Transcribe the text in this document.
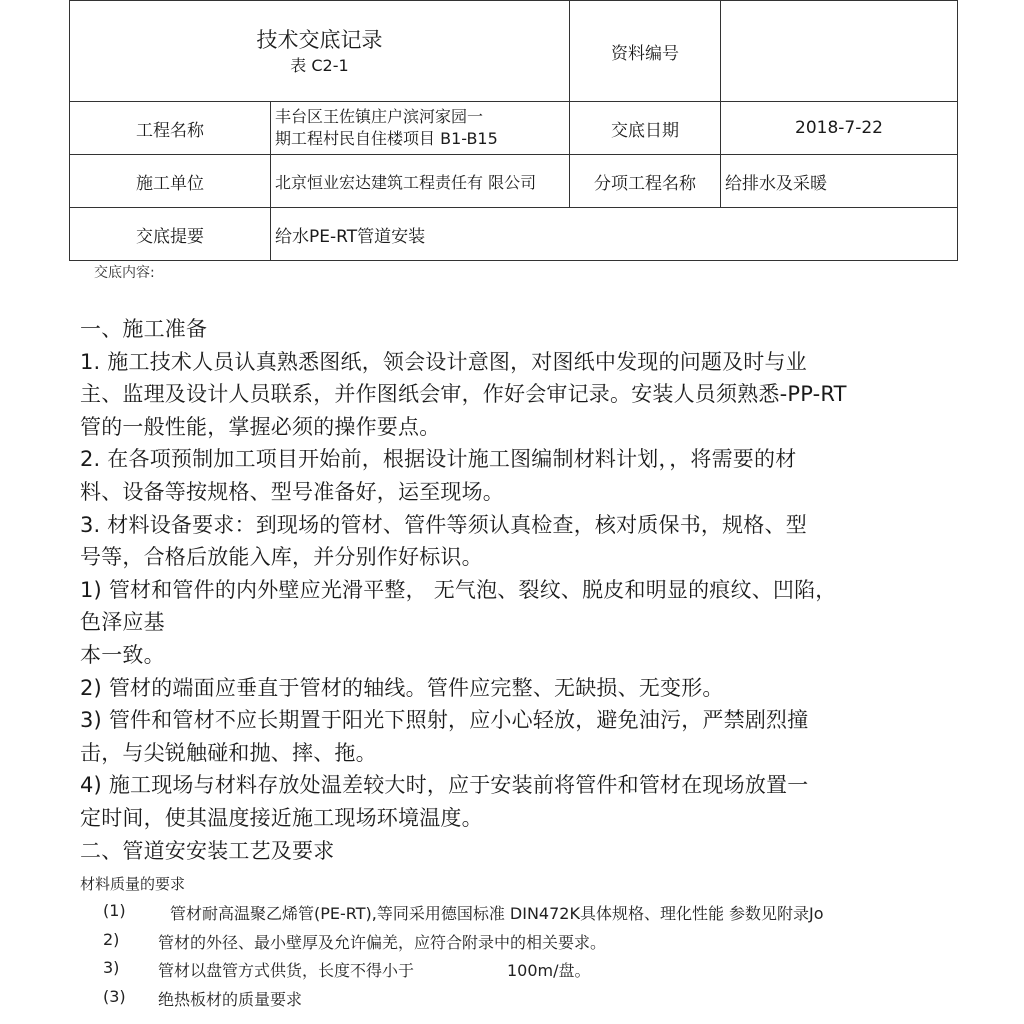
技术交底记录
表 C2-1		资料编号	
工程名称	丰台区王佐镇庄户滨河家园一
期工程村民自住楼项目 B1-B15	交底日期	2018-7-22
施工单位	北京恒业宏达建筑工程责任有 限公司	分项工程名称	给排水及采暖
交底提要	给水PE-RT管道安装		
交底内容:
一、施工准备
1. 施工技术人员认真熟悉图纸，领会设计意图，对图纸中发现的问题及时与业
主、监理及设计人员联系，并作图纸会审，作好会审记录。安装人员须熟悉-PP-RT
管的一般性能，掌握必须的操作要点。
2. 在各项预制加工项目开始前，根据设计施工图编制材料计划，，将需要的材
料、设备等按规格、型号准备好，运至现场。
3. 材料设备要求：到现场的管材、管件等须认真检查，核对质保书，规格、型
号等，合格后放能入库，并分别作好标识。
1) 管材和管件的内外壁应光滑平整， 无气泡、裂纹、脱皮和明显的痕纹、凹陷，
色泽应基
本一致。
2) 管材的端面应垂直于管材的轴线。管件应完整、无缺损、无变形。
3) 管件和管材不应长期置于阳光下照射，应小心轻放，避免油污，严禁剧烈撞
击，与尖锐触碰和抛、摔、拖。
4) 施工现场与材料存放处温差较大时，应于安装前将管件和管材在现场放置一
定时间，使其温度接近施工现场环境温度。
二、管道安安装工艺及要求
材料质量的要求
(1)	管材耐高温聚乙烯管(PE-RT),等同采用德国标准 DIN472K具体规格、理化性能 参数见附录Jo
2) 管材的外径、最小壁厚及允许偏羌，应符合附录中的相关要求。
3) 管材以盘管方式供货，长度不得小于	100m/盘。
(3) 绝热板材的质量要求
